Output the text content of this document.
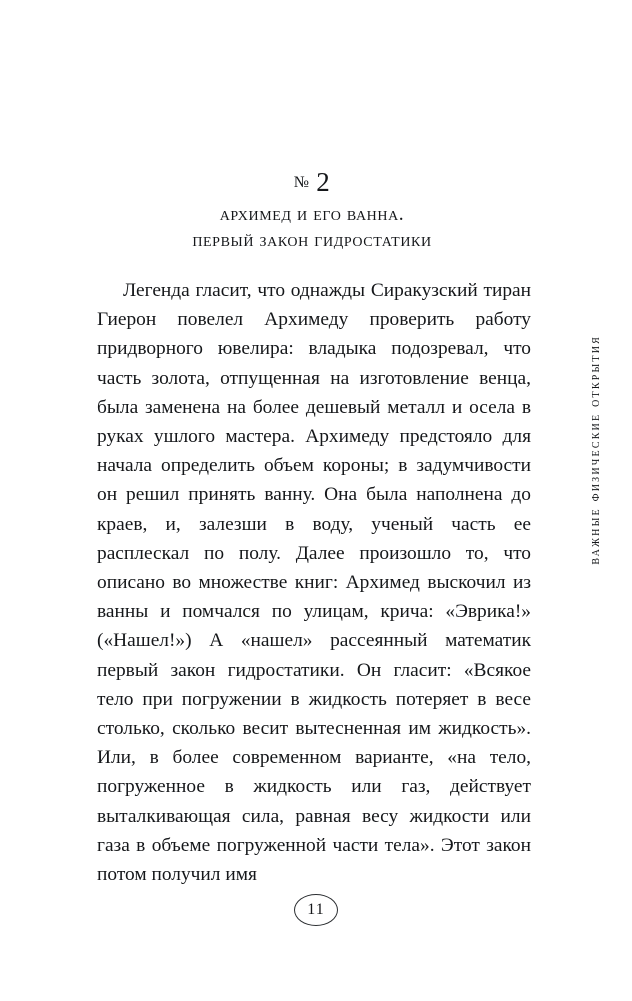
№ 2
архимед и его ванна.
первый закон гидростатики

Легенда гласит, что однажды Сиракузский тиран Гиерон повелел Архимеду проверить работу придворного ювелира: владыка подозревал, что часть золота, отпущенная на изготовление венца, была заменена на более дешевый металл и осела в руках ушлого мастера. Архимеду предстояло для начала определить объем короны; в задумчивости он решил принять ванну. Она была наполнена до краев, и, залезши в воду, ученый часть ее расплескал по полу. Далее произошло то, что описано во множестве книг: Архимед выскочил из ванны и помчался по улицам, крича: «Эврика!» («Нашел!») А «нашел» рассеянный математик первый закон гидростатики. Он гласит: «Всякое тело при погружении в жидкость потеряет в весе столько, сколько весит вытесненная им жидкость». Или, в более современном варианте, «на тело, погруженное в жидкость или газ, действует выталкивающая сила, равная весу жидкости или газа в объеме погруженной части тела». Этот закон потом получил имя

важные физические открытия
11
